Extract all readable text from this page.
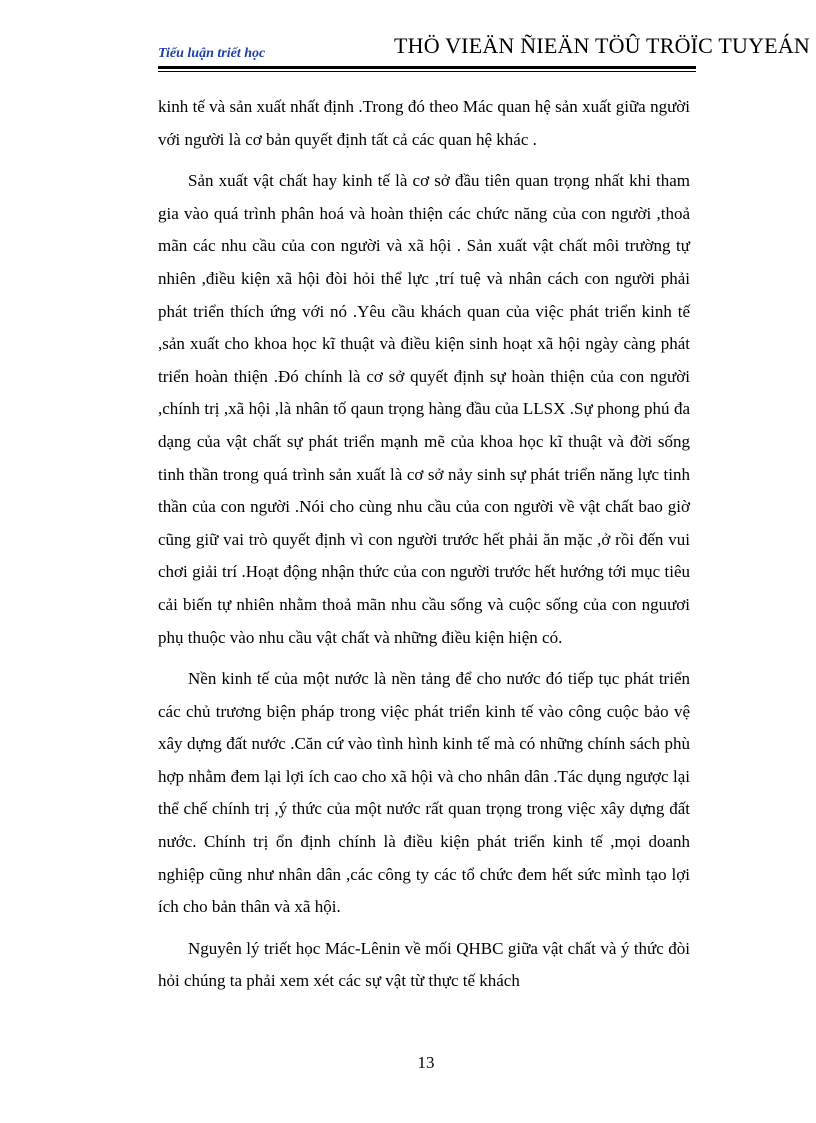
Tiểu luận triết học	THÖ VIEÄN ÑIEÄN TÖÛ TRÖÏC TUYEÁN

kinh tế và sản xuất nhất định .Trong đó theo Mác quan hệ sản xuất giữa người với người là cơ bản quyết định tất cả các quan hệ khác .

Sản xuất vật chất hay kinh tế là cơ sở đầu tiên quan trọng nhất khi tham gia vào quá trình phân hoá và hoàn thiện các chức năng của con người ,thoả mãn các nhu cầu của con người và xã hội . Sản xuất vật chất môi trường tự nhiên ,điều kiện xã hội đòi hỏi thể lực ,trí tuệ và nhân cách con người phải phát triển thích ứng với nó .Yêu cầu khách quan của việc phát triển kinh tế ,sản xuất cho khoa học kĩ thuật và điều kiện sinh hoạt xã hội ngày càng phát triển hoàn thiện .Đó chính là cơ sở quyết định sự hoàn thiện của con người ,chính trị ,xã hội ,là nhân tố qaun trọng hàng đầu của LLSX .Sự phong phú đa dạng của vật chất sự phát triển mạnh mẽ của khoa học kĩ thuật và đời sống tinh thần trong quá trình sản xuất là cơ sở nảy sinh sự phát triển năng lực tinh thần của con người .Nói cho cùng nhu cầu của con người về vật chất bao giờ cũng giữ vai trò quyết định vì con người trước hết phải ăn mặc ,ở rồi đến vui chơi giải trí .Hoạt động nhận thức của con người trước hết hướng tới mục tiêu cải biến tự nhiên nhằm thoả mãn nhu cầu sống và cuộc sống của con nguươi phụ thuộc vào nhu cầu vật chất và những điều kiện hiện có.

Nền kinh tế của một nước là nền tảng để cho nước đó tiếp tục phát triển các chủ trương biện pháp trong việc phát triển kinh tế vào công cuộc bảo vệ xây dựng đất nước .Căn cứ vào tình hình kinh tế mà có những chính sách phù hợp nhằm đem lại lợi ích cao cho xã hội và cho nhân dân .Tác dụng ngược lại thể chế chính trị ,ý thức của một nước rất quan trọng trong việc xây dựng đất nước. Chính trị ổn định chính là điều kiện phát triển kinh tế ,mọi doanh nghiệp cũng như nhân dân ,các công ty các tổ chức đem hết sức mình tạo lợi ích cho bản thân và xã hội.

Nguyên lý triết học Mác-Lênin về mối QHBC giữa vật chất và ý thức đòi hỏi chúng ta phải xem xét các sự vật từ thực tế khách

13
